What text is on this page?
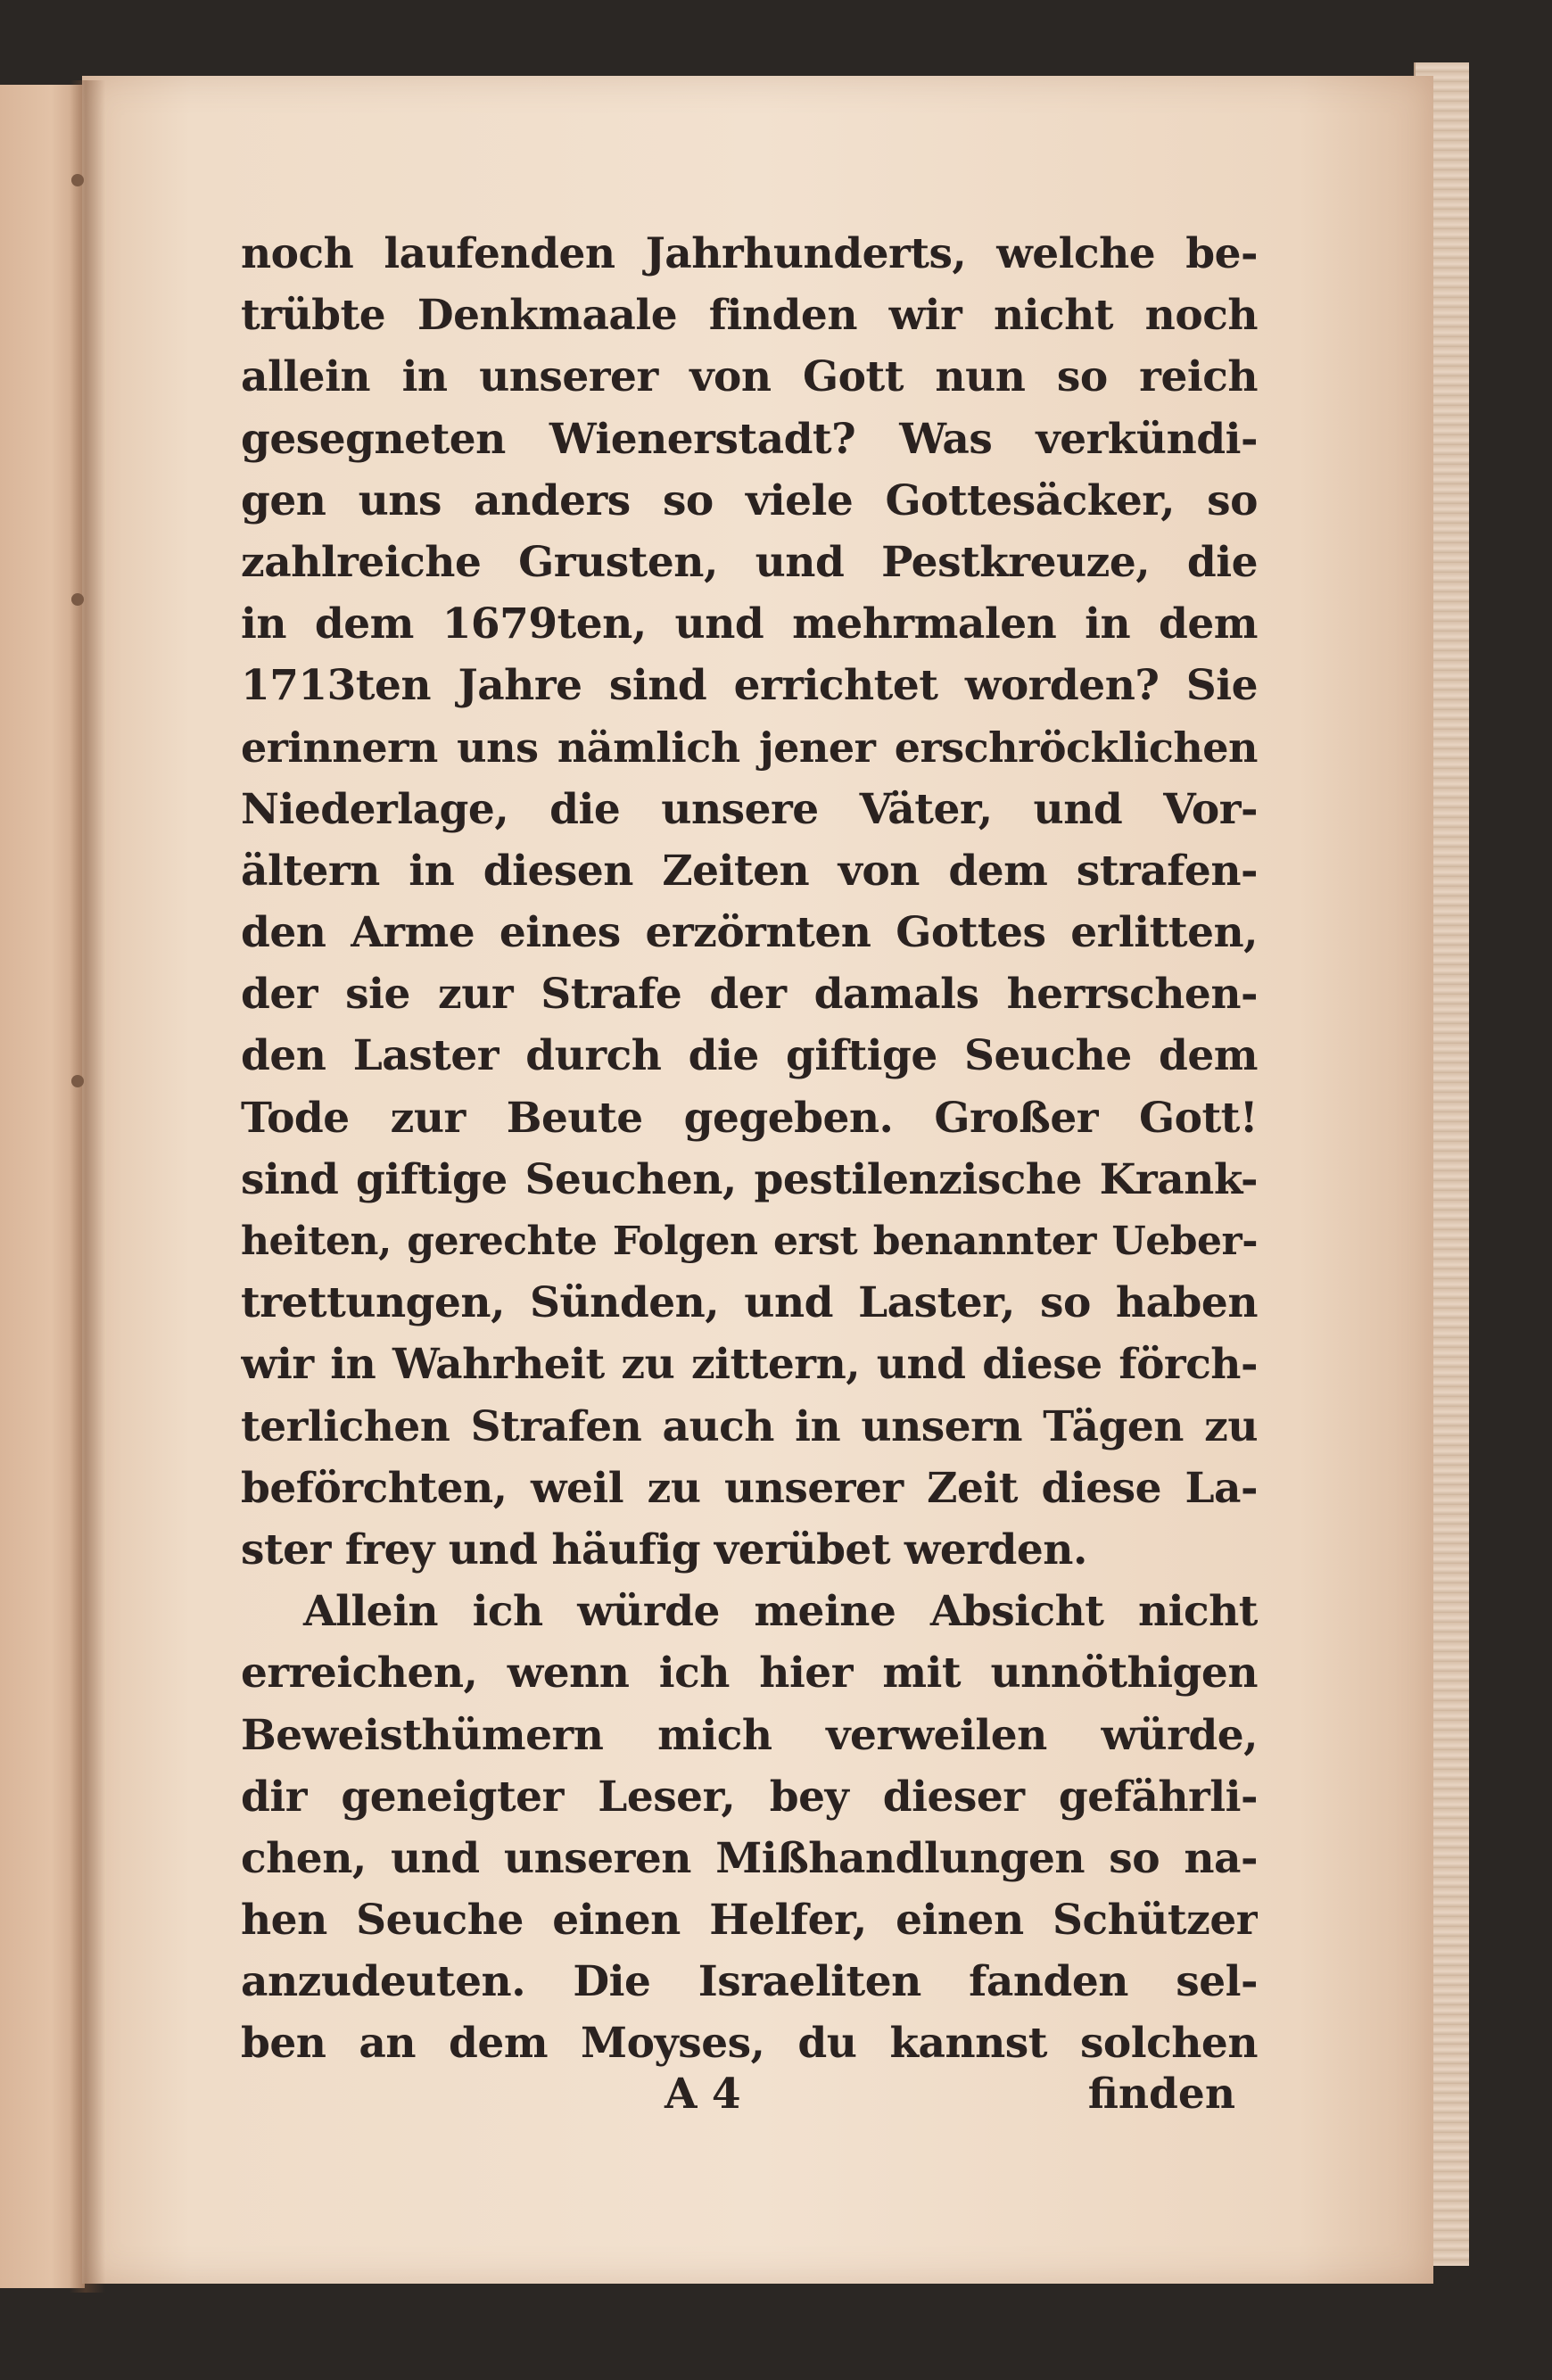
noch laufenden Jahrhunderts, welche be-
trübte Denkmaale finden wir nicht noch
allein in unserer von Gott nun so reich
gesegneten Wienerstadt? Was verkündi-
gen uns anders so viele Gottesäcker, so
zahlreiche Grusten, und Pestkreuze, die
in dem 1679ten, und mehrmalen in dem
1713ten Jahre sind errichtet worden? Sie
erinnern uns nämlich jener erschröcklichen
Niederlage, die unsere Väter, und Vor-
ältern in diesen Zeiten von dem strafen-
den Arme eines erzörnten Gottes erlitten,
der sie zur Strafe der damals herrschen-
den Laster durch die giftige Seuche dem
Tode zur Beute gegeben. Großer Gott!
sind giftige Seuchen, pestilenzische Krank-
heiten, gerechte Folgen erst benannter Ueber-
trettungen, Sünden, und Laster, so haben
wir in Wahrheit zu zittern, und diese förch-
terlichen Strafen auch in unsern Tägen zu
beförchten, weil zu unserer Zeit diese La-
ster frey und häufig verübet werden.
Allein ich würde meine Absicht nicht
erreichen, wenn ich hier mit unnöthigen
Beweisthümern mich verweilen würde,
dir geneigter Leser, bey dieser gefährli-
chen, und unseren Mißhandlungen so na-
hen Seuche einen Helfer, einen Schützer
anzudeuten. Die Israeliten fanden sel-
ben an dem Moyses, du kannst solchen
A 4	finden
